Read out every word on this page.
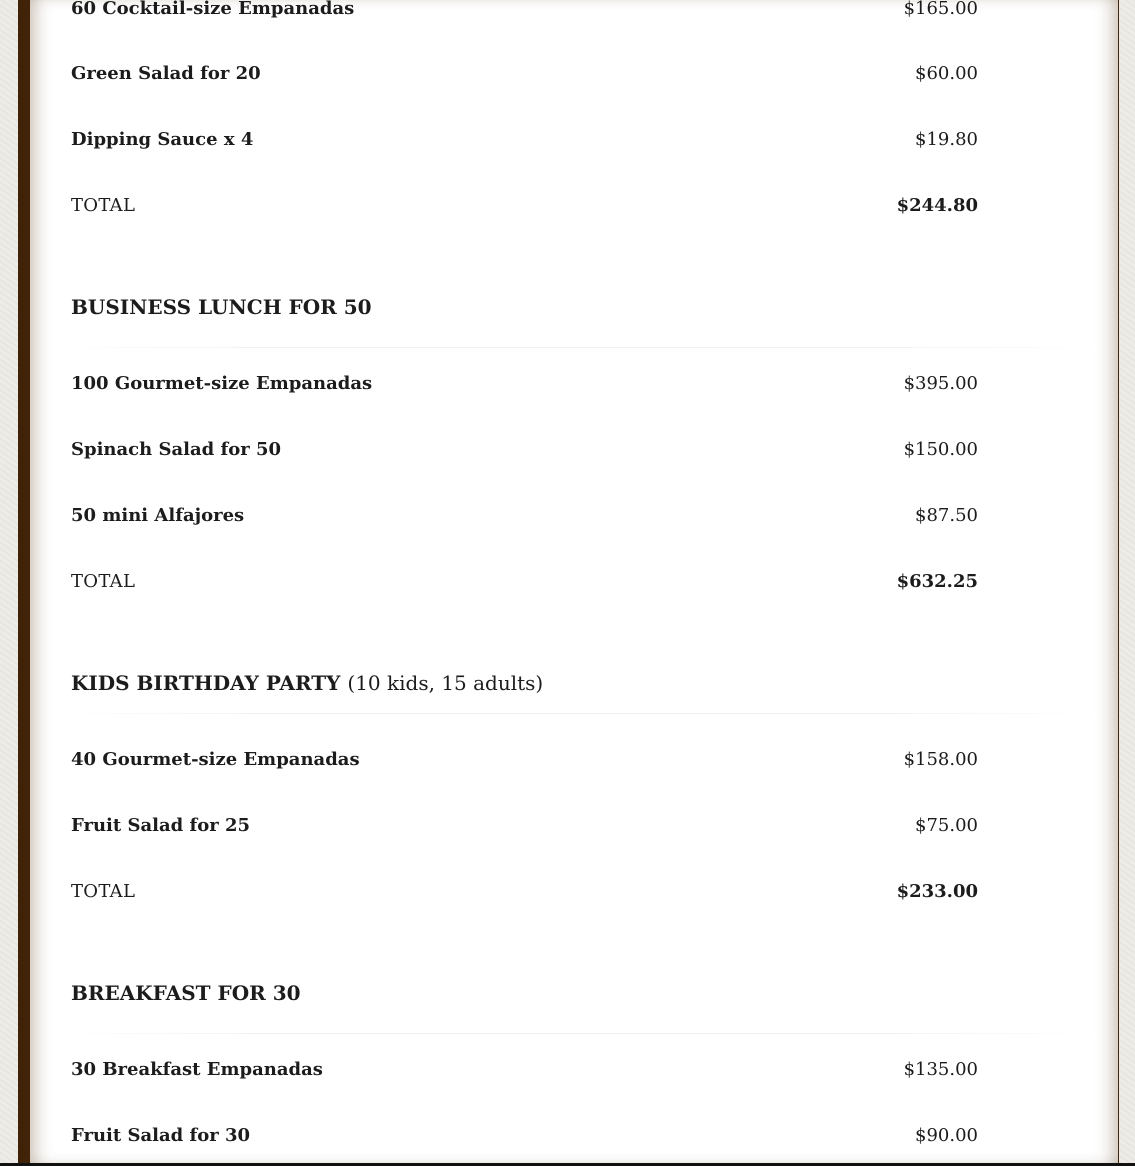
60 Cocktail-size Empanadas	$165.00
Green Salad for 20	$60.00
Dipping Sauce x 4	$19.80
TOTAL	$244.80
BUSINESS LUNCH FOR 50
100 Gourmet-size Empanadas	$395.00
Spinach Salad for 50	$150.00
50 mini Alfajores	$87.50
TOTAL	$632.25
KIDS BIRTHDAY PARTY (10 kids, 15 adults)
40 Gourmet-size Empanadas	$158.00
Fruit Salad for 25	$75.00
TOTAL	$233.00
BREAKFAST FOR 30
30 Breakfast Empanadas	$135.00
Fruit Salad for 30	$90.00
